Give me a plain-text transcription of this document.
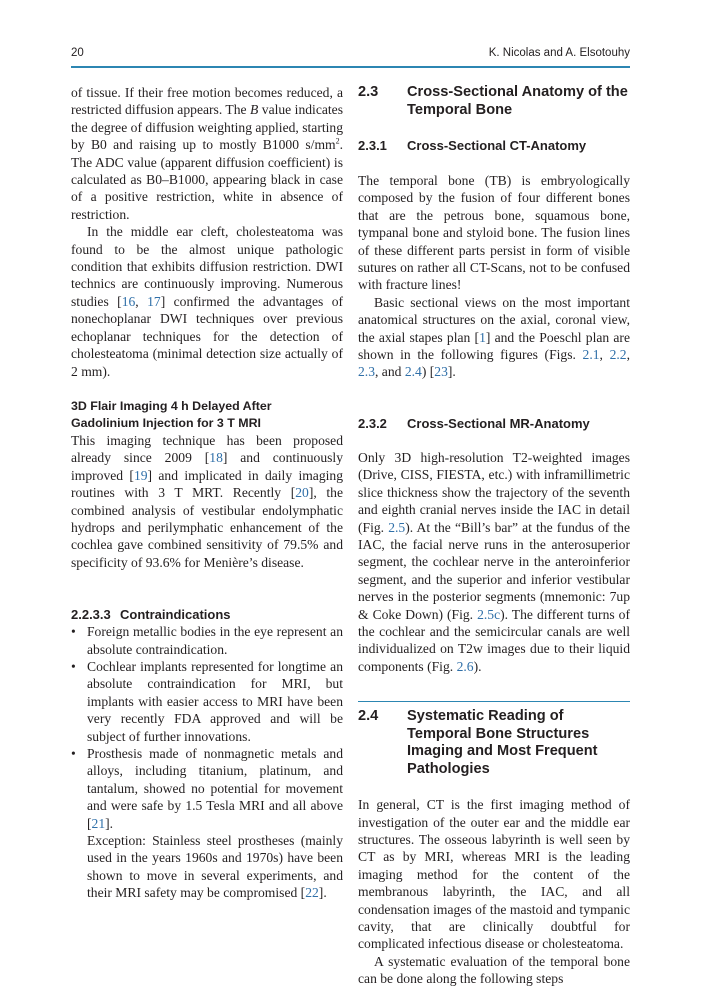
20	K. Nicolas and A. Elsotouhy

of tissue. If their free motion becomes reduced, a restricted diffusion appears. The B value indicates the degree of diffusion weighting applied, starting by B0 and raising up to mostly B1000 $s/mm^2$. The ADC value (apparent diffusion coefficient) is calculated as B0–B1000, appearing black in case of a positive restriction, white in absence of restriction.

In the middle ear cleft, cholesteatoma was found to be the almost unique pathologic condition that exhibits diffusion restriction. DWI technics are continuously improving. Numerous studies [16, 17] confirmed the advantages of nonechoplanar DWI techniques over previous echoplanar techniques for the detection of cholesteatoma (minimal detection size actually of 2 mm).

3D Flair Imaging 4 h Delayed After Gadolinium Injection for 3 T MRI

This imaging technique has been proposed already since 2009 [18] and continuously improved [19] and implicated in daily imaging routines with 3 T MRT. Recently [20], the combined analysis of vestibular endolymphatic hydrops and perilymphatic enhancement of the cochlea gave combined sensitivity of 79.5% and specificity of 93.6% for Menière’s disease.

2.2.3.3 Contraindications
• Foreign metallic bodies in the eye represent an absolute contraindication.
• Cochlear implants represented for longtime an absolute contraindication for MRI, but implants with easier access to MRI have been very recently FDA approved and will be subject of further innovations.
• Prosthesis made of nonmagnetic metals and alloys, including titanium, platinum, and tantalum, showed no potential for movement and were safe by 1.5 Tesla MRI and all above [21].
Exception: Stainless steel prostheses (mainly used in the years 1960s and 1970s) have been shown to move in several experiments, and their MRI safety may be compromised [22].
2.3	Cross-Sectional Anatomy of the Temporal Bone
2.3.1	Cross-Sectional CT-Anatomy

The temporal bone (TB) is embryologically composed by the fusion of four different bones that are the petrous bone, squamous bone, tympanal bone and styloid bone. The fusion lines of these different parts persist in form of visible sutures on rather all CT-Scans, not to be confused with fracture lines!

Basic sectional views on the most important anatomical structures on the axial, coronal view, the axial stapes plan [1] and the Poeschl plan are shown in the following figures (Figs. 2.1, 2.2, 2.3, and 2.4) [23].

2.3.2	Cross-Sectional MR-Anatomy

Only 3D high-resolution T2-weighted images (Drive, CISS, FIESTA, etc.) with inframillimetric slice thickness show the trajectory of the seventh and eighth cranial nerves inside the IAC in detail (Fig. 2.5). At the “Bill’s bar” at the fundus of the IAC, the facial nerve runs in the anterosuperior segment, the cochlear nerve in the anteroinferior segment, and the superior and inferior vestibular nerves in the posterior segments (mnemonic: 7up & Coke Down) (Fig. 2.5c). The different turns of the cochlear and the semicircular canals are well individualized on T2w images due to their liquid components (Fig. 2.6).

2.4	Systematic Reading of Temporal Bone Structures Imaging and Most Frequent Pathologies

In general, CT is the first imaging method of investigation of the outer ear and the middle ear structures. The osseous labyrinth is well seen by CT as by MRI, whereas MRI is the leading imaging method for the content of the membranous labyrinth, the IAC, and all condensation images of the mastoid and tympanic cavity, that are clinically doubtful for complicated infectious disease or cholesteatoma.

A systematic evaluation of the temporal bone can be done along the following steps
